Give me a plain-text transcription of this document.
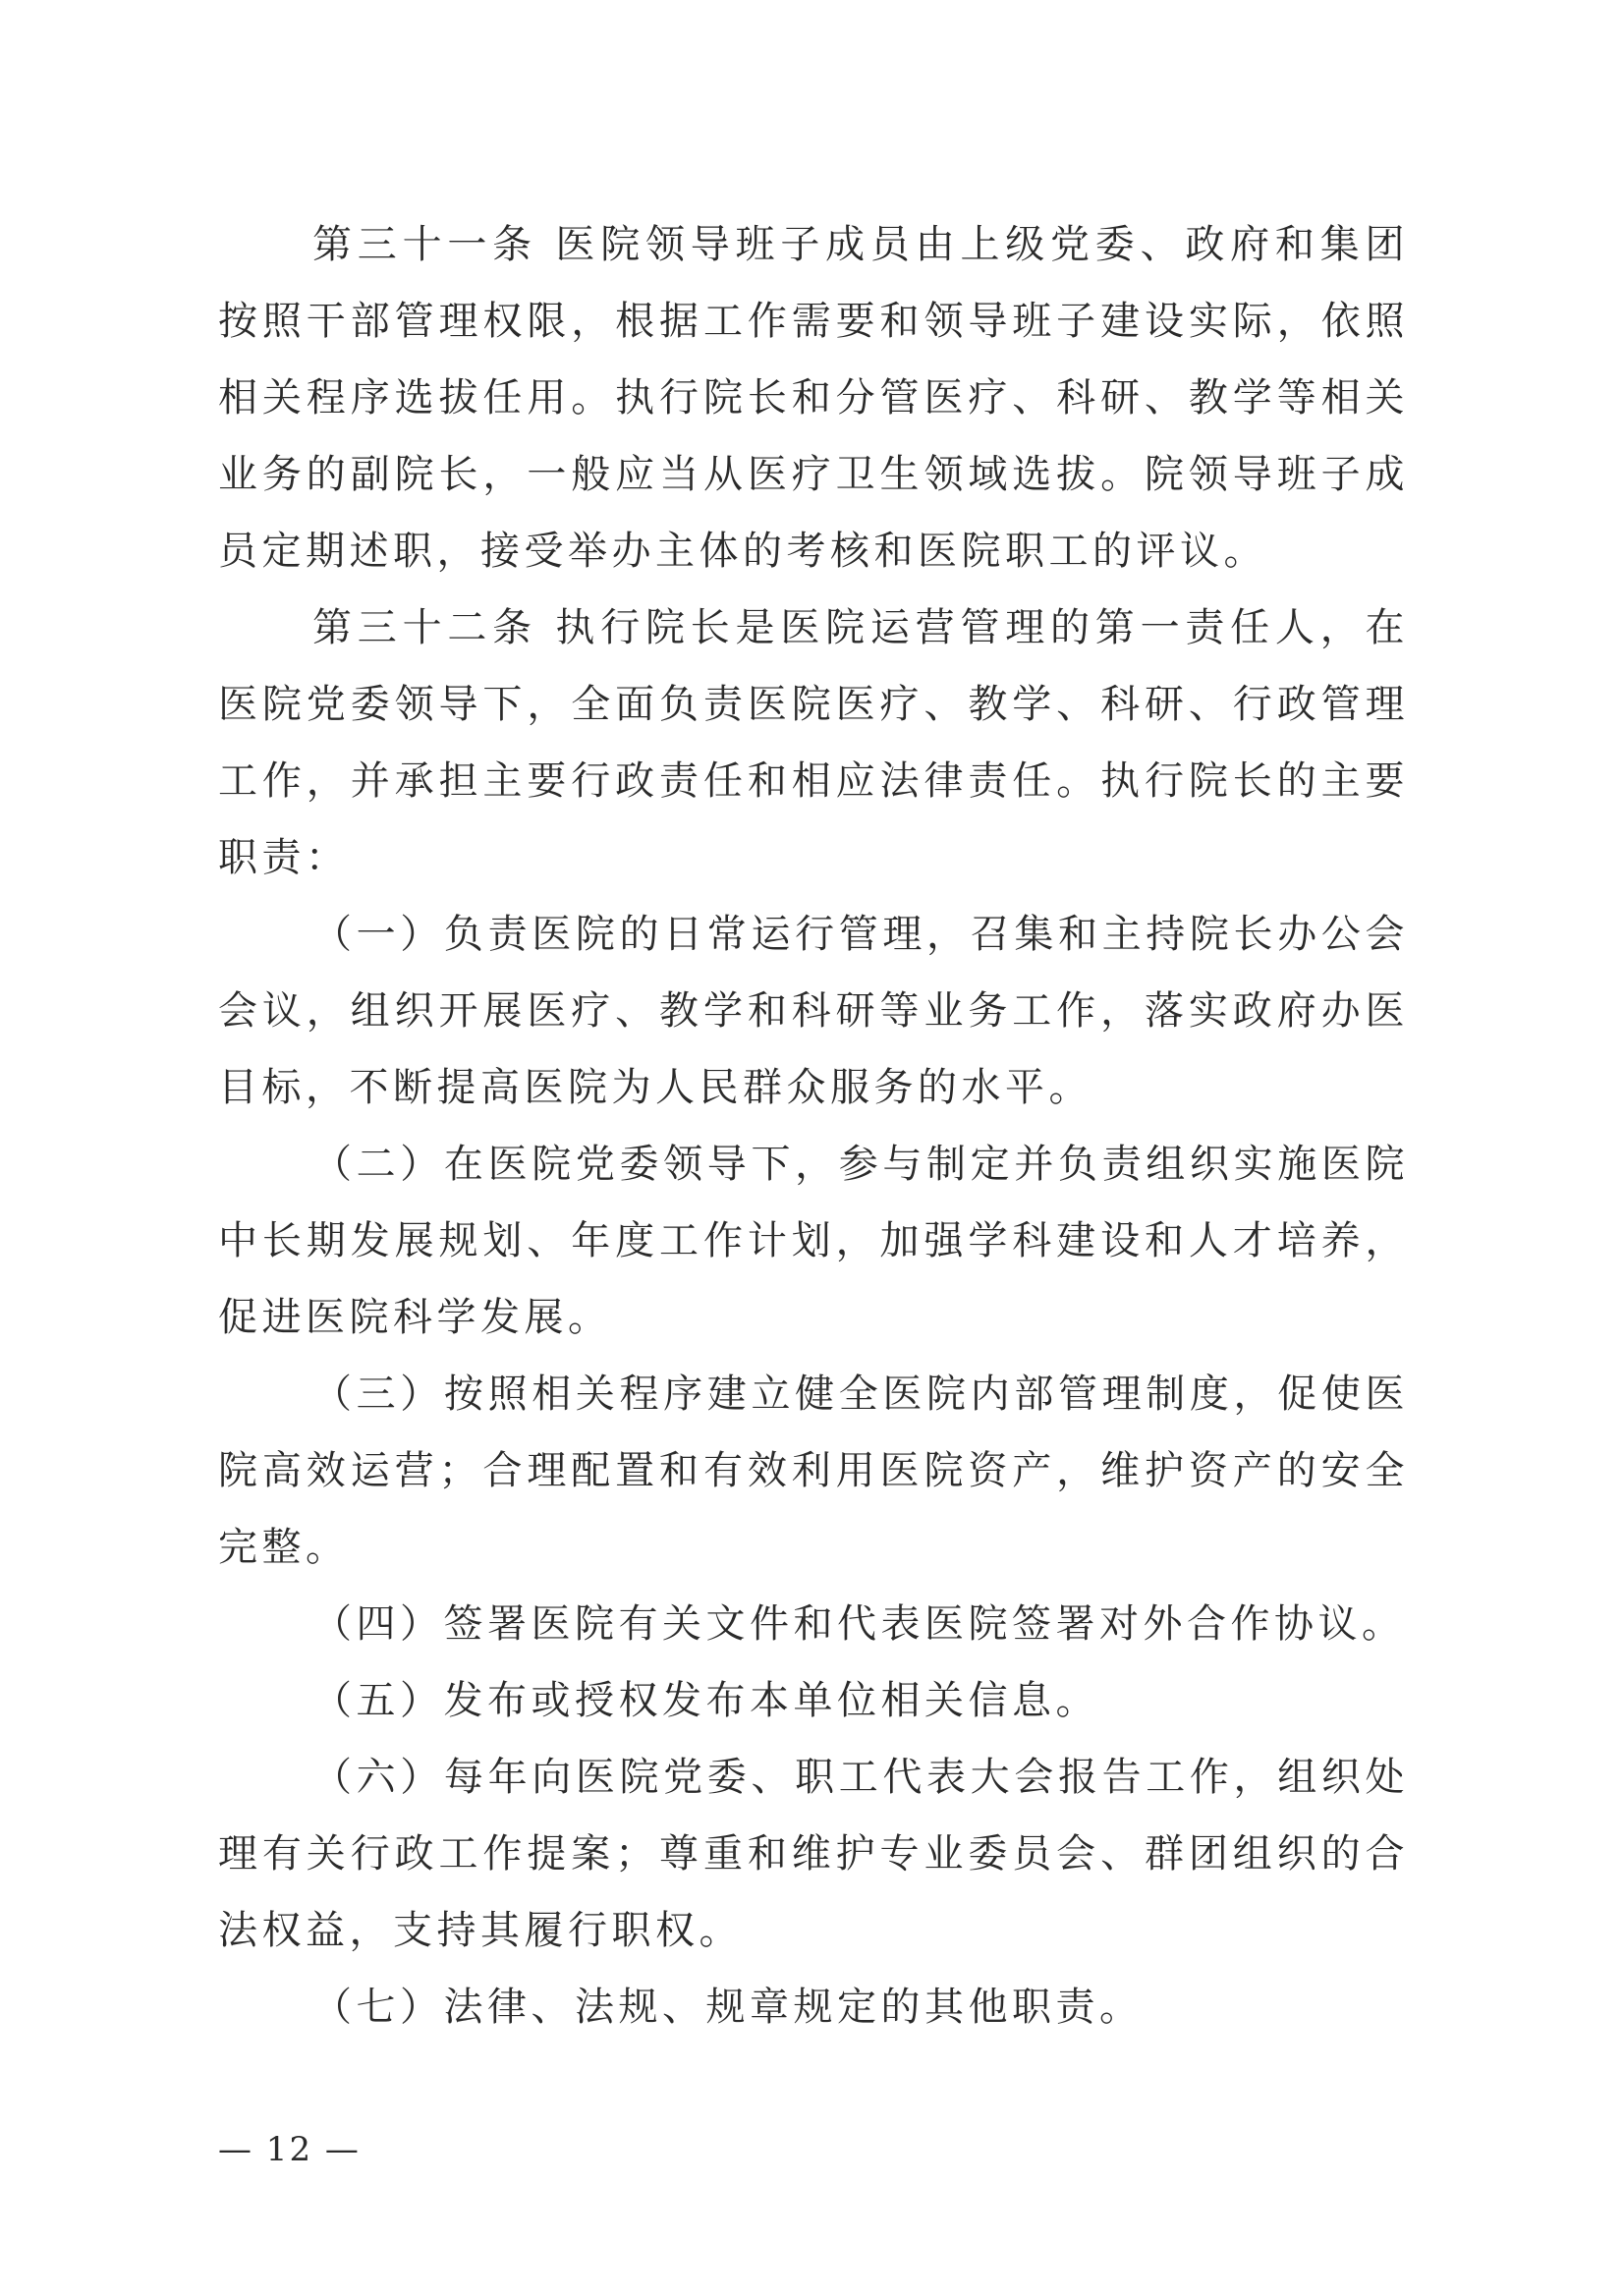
第三十一条 医院领导班子成员由上级党委、政府和集团按照干部管理权限，根据工作需要和领导班子建设实际，依照相关程序选拔任用。执行院长和分管医疗、科研、教学等相关业务的副院长，一般应当从医疗卫生领域选拔。院领导班子成员定期述职，接受举办主体的考核和医院职工的评议。

第三十二条 执行院长是医院运营管理的第一责任人，在医院党委领导下，全面负责医院医疗、教学、科研、行政管理工作，并承担主要行政责任和相应法律责任。执行院长的主要职责：

（一）负责医院的日常运行管理，召集和主持院长办公会会议，组织开展医疗、教学和科研等业务工作，落实政府办医目标，不断提高医院为人民群众服务的水平。

（二）在医院党委领导下，参与制定并负责组织实施医院中长期发展规划、年度工作计划，加强学科建设和人才培养，促进医院科学发展。

（三）按照相关程序建立健全医院内部管理制度，促使医院高效运营；合理配置和有效利用医院资产，维护资产的安全完整。

（四）签署医院有关文件和代表医院签署对外合作协议。

（五）发布或授权发布本单位相关信息。

（六）每年向医院党委、职工代表大会报告工作，组织处理有关行政工作提案；尊重和维护专业委员会、群团组织的合法权益，支持其履行职权。

（七）法律、法规、规章规定的其他职责。

— 12 —
